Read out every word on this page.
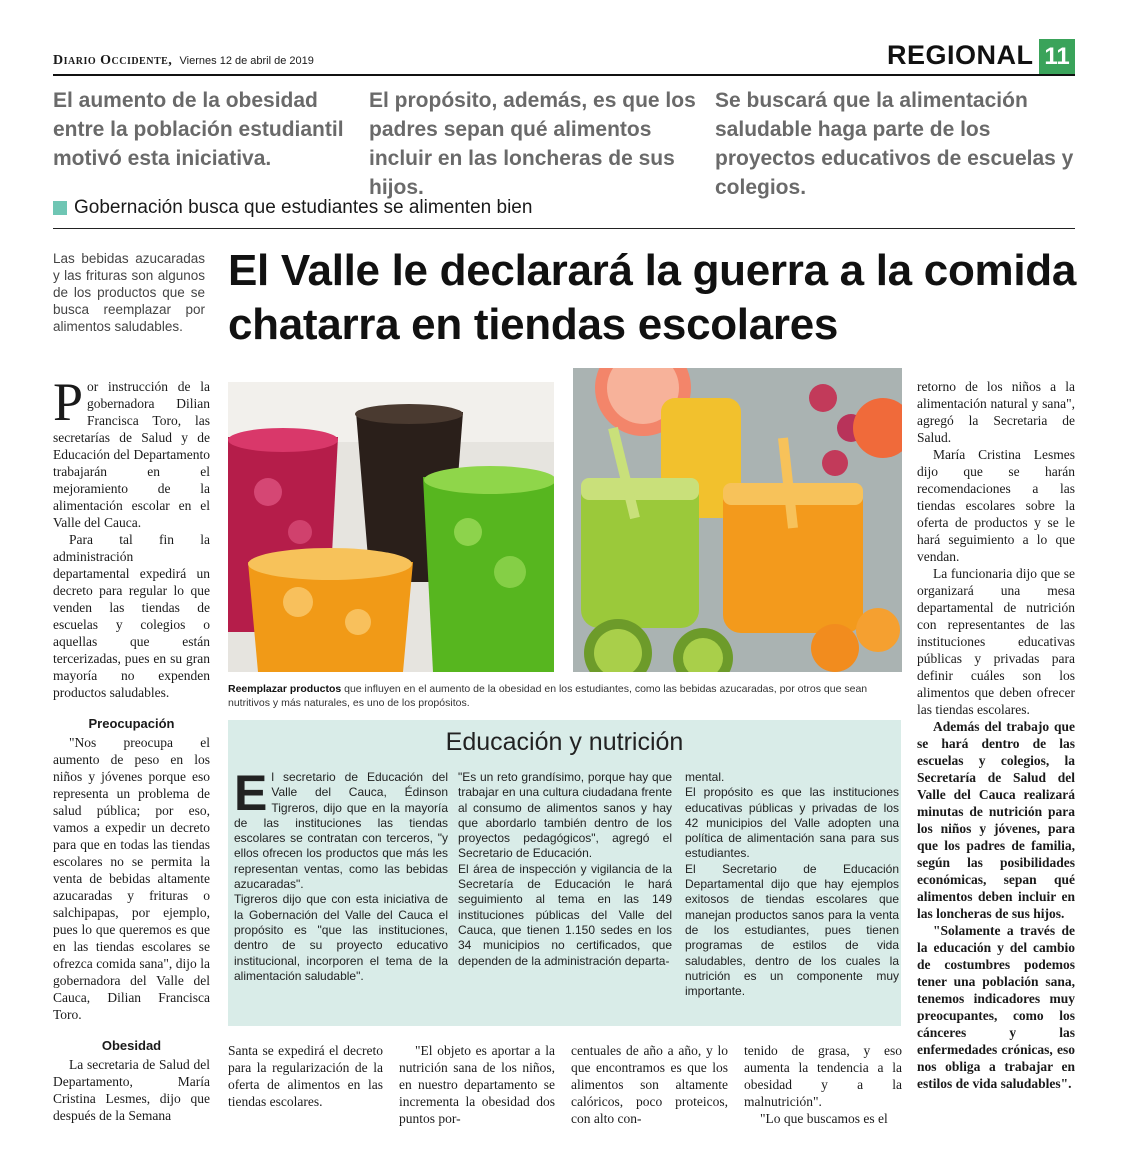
Diario Occidente, Viernes 12 de abril de 2019	REGIONAL 11
El aumento de la obesidad entre la población estudiantil motivó esta iniciativa.
El propósito, además, es que los padres sepan qué alimentos incluir en las loncheras de sus hijos.
Se buscará que la alimentación saludable haga parte de los proyectos educativos de escuelas y colegios.
Gobernación busca que estudiantes se alimenten bien
Las bebidas azucaradas y las frituras son algunos de los productos que se busca reemplazar por alimentos saludables.
El Valle le declarará la guerra a la comida chatarra en tiendas escolares

Por instrucción de la gobernadora Dilian Francisca Toro, las secretarías de Salud y de Educación del Departamento trabajarán en el mejoramiento de la alimentación escolar en el Valle del Cauca.

Para tal fin la administración departamental expedirá un decreto para regular lo que venden las tiendas de escuelas y colegios o aquellas que están tercerizadas, pues en su gran mayoría no expenden productos saludables.

Preocupación

"Nos preocupa el aumento de peso en los niños y jóvenes porque eso representa un problema de salud pública; por eso, vamos a expedir un decreto para que en todas las tiendas escolares no se permita la venta de bebidas altamente azucaradas y frituras o salchipapas, por ejemplo, pues lo que queremos es que en las tiendas escolares se ofrezca comida sana", dijo la gobernadora del Valle del Cauca, Dilian Francisca Toro.

Obesidad

La secretaria de Salud del Departamento, María Cristina Lesmes, dijo que después de la Semana

Reemplazar productos que influyen en el aumento de la obesidad en los estudiantes, como las bebidas azucaradas, por otros que sean nutritivos y más naturales, es uno de los propósitos.
Educación y nutrición

El secretario de Educación del Valle del Cauca, Édinson Tigreros, dijo que en la mayoría de las instituciones las tiendas escolares se contratan con terceros, "y ellos ofrecen los productos que más les representan ventas, como las bebidas azucaradas".

Tigreros dijo que con esta iniciativa de la Gobernación del Valle del Cauca el propósito es "que las instituciones, dentro de su proyecto educativo institucional, incorporen el tema de la alimentación saludable".

"Es un reto grandísimo, porque hay que trabajar en una cultura ciudadana frente al consumo de alimentos sanos y hay que abordarlo también dentro de los proyectos pedagógicos", agregó el Secretario de Educación.

El área de inspección y vigilancia de la Secretaría de Educación le hará seguimiento al tema en las 149 instituciones públicas del Valle del Cauca, que tienen 1.150 sedes en los 34 municipios no certificados, que dependen de la administración departa-

mental.

El propósito es que las instituciones educativas públicas y privadas de los 42 municipios del Valle adopten una política de alimentación sana para sus estudiantes.

El Secretario de Educación Departamental dijo que hay ejemplos exitosos de tiendas escolares que manejan productos sanos para la venta de los estudiantes, pues tienen programas de estilos de vida saludables, dentro de los cuales la nutrición es un componente muy importante.

retorno de los niños a la alimentación natural y sana", agregó la Secretaria de Salud.

María Cristina Lesmes dijo que se harán recomendaciones a las tiendas escolares sobre la oferta de productos y se le hará seguimiento a lo que vendan.

La funcionaria dijo que se organizará una mesa departamental de nutrición con representantes de las instituciones educativas públicas y privadas para definir cuáles son los alimentos que deben ofrecer las tiendas escolares.

Además del trabajo que se hará dentro de las escuelas y colegios, la Secretaría de Salud del Valle del Cauca realizará minutas de nutrición para los niños y jóvenes, para que los padres de familia, según las posibilidades económicas, sepan qué alimentos deben incluir en las loncheras de sus hijos.

"Solamente a través de la educación y del cambio de costumbres podemos tener una población sana, tenemos indicadores muy preocupantes, como los cánceres y las enfermedades crónicas, eso nos obliga a trabajar en estilos de vida saludables".

Santa se expedirá el decreto para la regularización de la oferta de alimentos en las tiendas escolares.

"El objeto es aportar a la nutrición sana de los niños, en nuestro departamento se incrementa la obesidad dos puntos por-

centuales de año a año, y lo que encontramos es que los alimentos son altamente calóricos, poco proteicos, con alto con-

tenido de grasa, y eso aumenta la tendencia a la obesidad y a la malnutrición".

"Lo que buscamos es el
